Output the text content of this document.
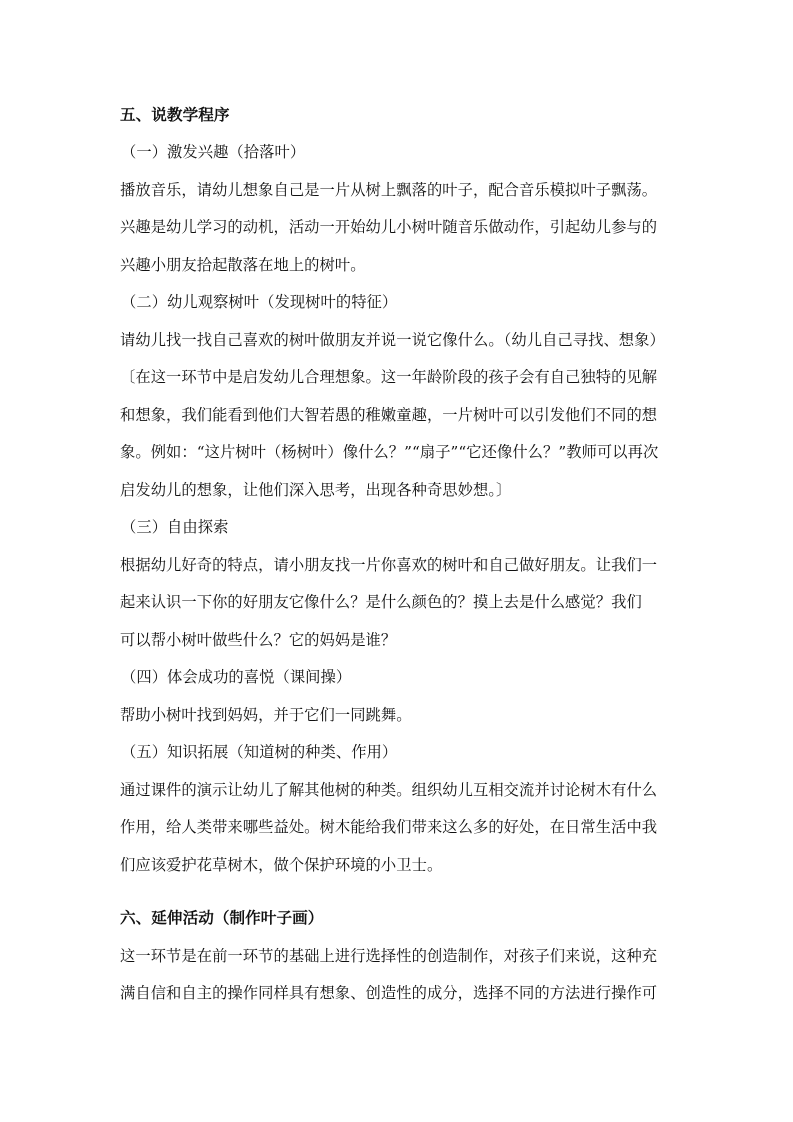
五、说教学程序
（一）激发兴趣（拾落叶）
播放音乐，请幼儿想象自己是一片从树上飘落的叶子，配合音乐模拟叶子飘荡。
兴趣是幼儿学习的动机，活动一开始幼儿小树叶随音乐做动作，引起幼儿参与的
兴趣小朋友拾起散落在地上的树叶。
（二）幼儿观察树叶（发现树叶的特征）
请幼儿找一找自己喜欢的树叶做朋友并说一说它像什么。（幼儿自己寻找、想象）
〔在这一环节中是启发幼儿合理想象。这一年龄阶段的孩子会有自己独特的见解
和想象，我们能看到他们大智若愚的稚嫩童趣，一片树叶可以引发他们不同的想
象。例如：“这片树叶（杨树叶）像什么？”“扇子”“它还像什么？”教师可以再次
启发幼儿的想象，让他们深入思考，出现各种奇思妙想。〕
（三）自由探索
根据幼儿好奇的特点，请小朋友找一片你喜欢的树叶和自己做好朋友。让我们一
起来认识一下你的好朋友它像什么？是什么颜色的？摸上去是什么感觉？我们
可以帮小树叶做些什么？它的妈妈是谁？
（四）体会成功的喜悦（课间操）
帮助小树叶找到妈妈，并于它们一同跳舞。
（五）知识拓展（知道树的种类、作用）
通过课件的演示让幼儿了解其他树的种类。组织幼儿互相交流并讨论树木有什么
作用，给人类带来哪些益处。树木能给我们带来这么多的好处，在日常生活中我
们应该爱护花草树木，做个保护环境的小卫士。
六、延伸活动（制作叶子画）
这一环节是在前一环节的基础上进行选择性的创造制作，对孩子们来说，这种充
满自信和自主的操作同样具有想象、创造性的成分，选择不同的方法进行操作可
